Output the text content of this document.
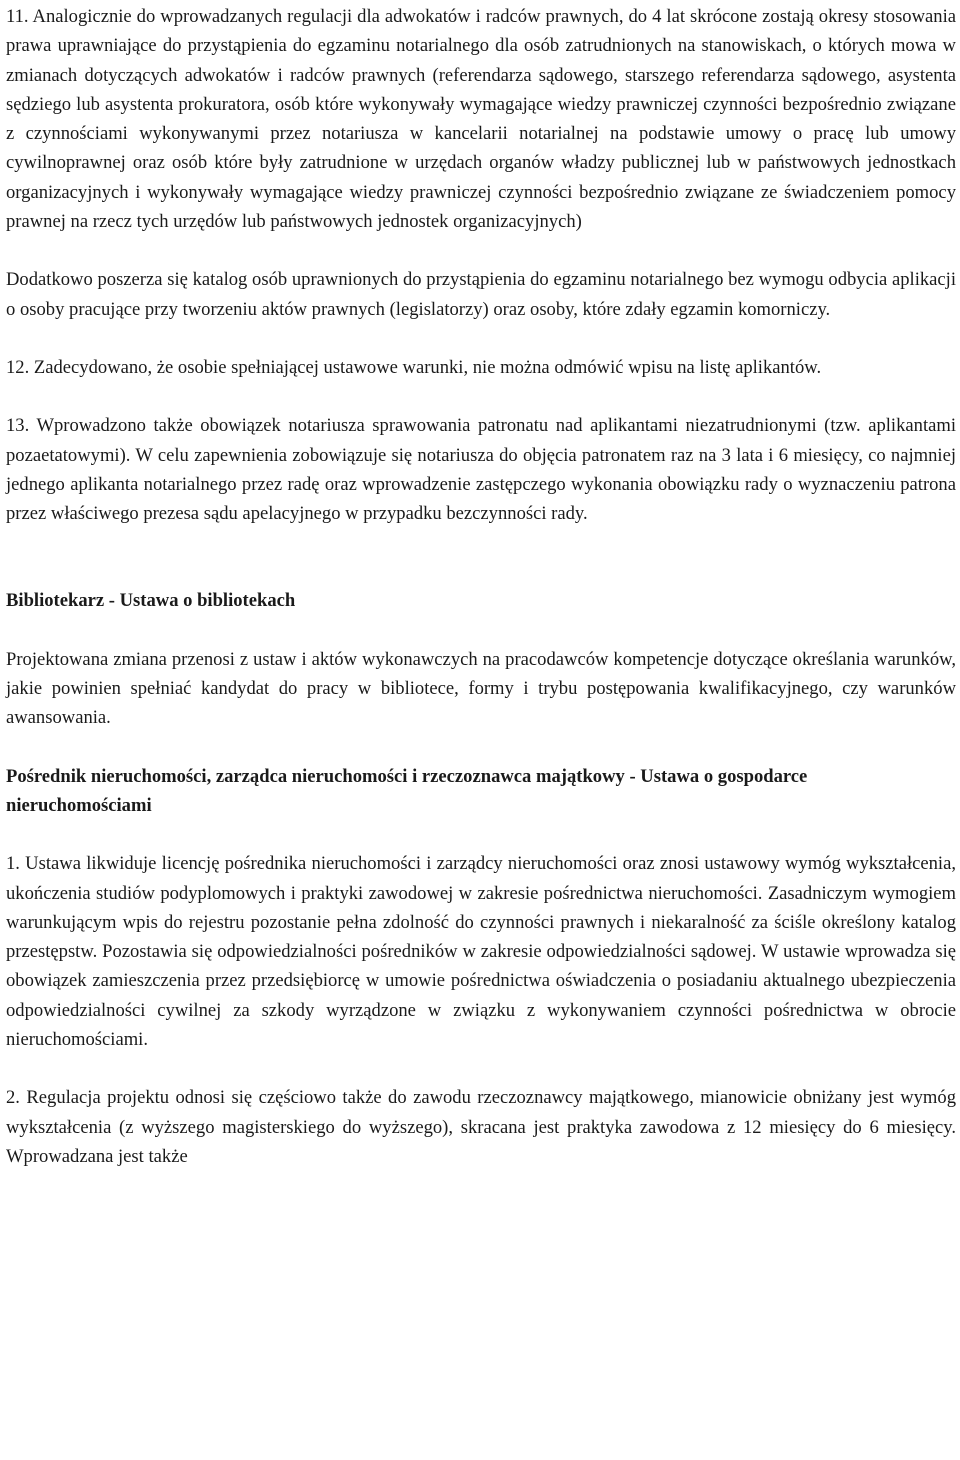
11. Analogicznie do wprowadzanych regulacji dla adwokatów i radców prawnych, do 4 lat skrócone zostają okresy stosowania prawa uprawniające do przystąpienia do egzaminu notarialnego dla osób zatrudnionych na stanowiskach, o których mowa w zmianach dotyczących adwokatów i radców prawnych (referendarza sądowego, starszego referendarza sądowego, asystenta sędziego lub asystenta prokuratora, osób które wykonywały wymagające wiedzy prawniczej czynności bezpośrednio związane z czynnościami wykonywanymi przez notariusza w kancelarii notarialnej na podstawie umowy o pracę lub umowy cywilnoprawnej oraz osób które były zatrudnione w urzędach organów władzy publicznej lub w państwowych jednostkach organizacyjnych i wykonywały wymagające wiedzy prawniczej czynności bezpośrednio związane ze świadczeniem pomocy prawnej na rzecz tych urzędów lub państwowych jednostek organizacyjnych)

Dodatkowo poszerza się katalog osób uprawnionych do przystąpienia do egzaminu notarialnego bez wymogu odbycia aplikacji o osoby pracujące przy tworzeniu aktów prawnych (legislatorzy) oraz osoby, które zdały egzamin komorniczy.

12. Zadecydowano, że osobie spełniającej ustawowe warunki, nie można odmówić wpisu na listę aplikantów.

13. Wprowadzono także obowiązek notariusza sprawowania patronatu nad aplikantami niezatrudnionymi (tzw. aplikantami pozaetatowymi). W celu zapewnienia zobowiązuje się notariusza do objęcia patronatem raz na 3 lata i 6 miesięcy, co najmniej jednego aplikanta notarialnego przez radę oraz wprowadzenie zastępczego wykonania obowiązku rady o wyznaczeniu patrona przez właściwego prezesa sądu apelacyjnego w przypadku bezczynności rady.

Bibliotekarz - Ustawa o bibliotekach

Projektowana zmiana przenosi z ustaw i aktów wykonawczych na pracodawców kompetencje dotyczące określania warunków, jakie powinien spełniać kandydat do pracy w bibliotece, formy i trybu postępowania kwalifikacyjnego, czy warunków awansowania.

Pośrednik nieruchomości, zarządca nieruchomości i rzeczoznawca majątkowy - Ustawa o gospodarce nieruchomościami

1. Ustawa likwiduje licencję pośrednika nieruchomości i zarządcy nieruchomości oraz znosi ustawowy wymóg wykształcenia, ukończenia studiów podyplomowych i praktyki zawodowej w zakresie pośrednictwa nieruchomości. Zasadniczym wymogiem warunkującym wpis do rejestru pozostanie pełna zdolność do czynności prawnych i niekaralność za ściśle określony katalog przestępstw. Pozostawia się odpowiedzialności pośredników w zakresie odpowiedzialności sądowej. W ustawie wprowadza się obowiązek zamieszczenia przez przedsiębiorcę w umowie pośrednictwa oświadczenia o posiadaniu aktualnego ubezpieczenia odpowiedzialności cywilnej za szkody wyrządzone w związku z wykonywaniem czynności pośrednictwa w obrocie nieruchomościami.

2. Regulacja projektu odnosi się częściowo także do zawodu rzeczoznawcy majątkowego, mianowicie obniżany jest wymóg wykształcenia (z wyższego magisterskiego do wyższego), skracana jest praktyka zawodowa z 12 miesięcy do 6 miesięcy. Wprowadzana jest także
